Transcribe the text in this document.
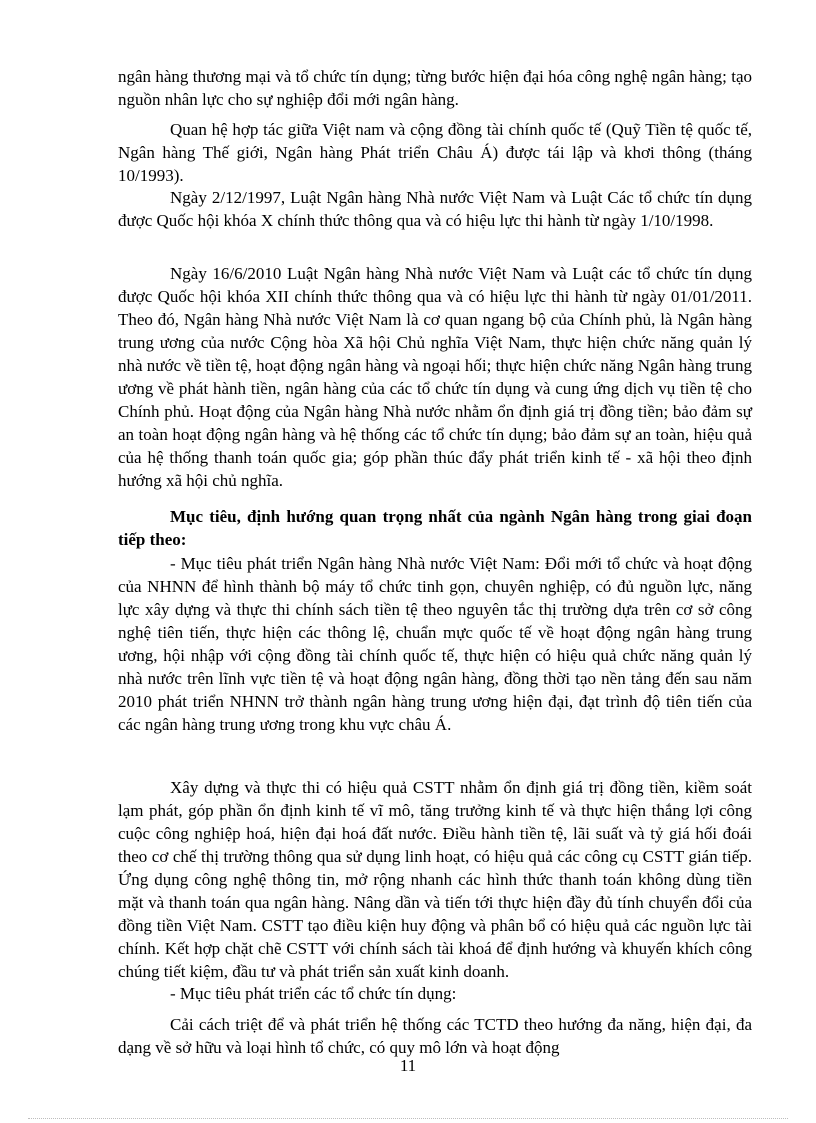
ngân hàng thương mại và tổ chức tín dụng; từng bước hiện đại hóa công nghệ ngân hàng; tạo nguồn nhân lực cho sự nghiệp đổi mới ngân hàng.

Quan hệ hợp tác giữa Việt nam và cộng đồng tài chính quốc tế (Quỹ Tiền tệ quốc tế, Ngân hàng Thế giới, Ngân hàng Phát triển Châu Á) được tái lập và khơi thông (tháng 10/1993).

Ngày 2/12/1997, Luật Ngân hàng Nhà nước Việt Nam và Luật Các tổ chức tín dụng được Quốc hội khóa X chính thức thông qua và có hiệu lực thi hành từ ngày 1/10/1998.

Ngày 16/6/2010 Luật Ngân hàng Nhà nước Việt Nam và Luật các tổ chức tín dụng được Quốc hội khóa XII chính thức thông qua và có hiệu lực thi hành từ ngày 01/01/2011. Theo đó, Ngân hàng Nhà nước Việt Nam là cơ quan ngang bộ của Chính phủ, là Ngân hàng trung ương của nước Cộng hòa Xã hội Chủ nghĩa Việt Nam, thực hiện chức năng quản lý nhà nước về tiền tệ, hoạt động ngân hàng và ngoại hối; thực hiện chức năng Ngân hàng trung ương về phát hành tiền, ngân hàng của các tổ chức tín dụng và cung ứng dịch vụ tiền tệ cho Chính phủ. Hoạt động của Ngân hàng Nhà nước nhằm ổn định giá trị đồng tiền; bảo đảm sự an toàn hoạt động ngân hàng và hệ thống các tổ chức tín dụng; bảo đảm sự an toàn, hiệu quả của hệ thống thanh toán quốc gia; góp phần thúc đẩy phát triển kinh tế - xã hội theo định hướng xã hội chủ nghĩa.

Mục tiêu, định hướng quan trọng nhất của ngành Ngân hàng trong giai đoạn tiếp theo:

- Mục tiêu phát triển Ngân hàng Nhà nước Việt Nam: Đổi mới tổ chức và hoạt động của NHNN để hình thành bộ máy tổ chức tinh gọn, chuyên nghiệp, có đủ nguồn lực, năng lực xây dựng và thực thi chính sách tiền tệ theo nguyên tắc thị trường dựa trên cơ sở công nghệ tiên tiến, thực hiện các thông lệ, chuẩn mực quốc tế về hoạt động ngân hàng trung ương, hội nhập với cộng đồng tài chính quốc tế, thực hiện có hiệu quả chức năng quản lý nhà nước trên lĩnh vực tiền tệ và hoạt động ngân hàng, đồng thời tạo nền tảng đến sau năm 2010 phát triển NHNN trở thành ngân hàng trung ương hiện đại, đạt trình độ tiên tiến của các ngân hàng trung ương trong khu vực châu Á.

Xây dựng và thực thi có hiệu quả CSTT nhằm ổn định giá trị đồng tiền, kiềm soát lạm phát, góp phần ổn định kinh tế vĩ mô, tăng trưởng kinh tế và thực hiện thắng lợi công cuộc công nghiệp hoá, hiện đại hoá đất nước. Điều hành tiền tệ, lãi suất và tỷ giá hối đoái theo cơ chế thị trường thông qua sử dụng linh hoạt, có hiệu quả các công cụ CSTT gián tiếp. Ứng dụng công nghệ thông tin, mở rộng nhanh các hình thức thanh toán không dùng tiền mặt và thanh toán qua ngân hàng. Nâng dần và tiến tới thực hiện đầy đủ tính chuyển đổi của đồng tiền Việt Nam. CSTT tạo điều kiện huy động và phân bổ có hiệu quả các nguồn lực tài chính. Kết hợp chặt chẽ CSTT với chính sách tài khoá để định hướng và khuyến khích công chúng tiết kiệm, đầu tư và phát triển sản xuất kinh doanh.

- Mục tiêu phát triển các tổ chức tín dụng:

Cải cách triệt để và phát triển hệ thống các TCTD theo hướng đa năng, hiện đại, đa dạng về sở hữu và loại hình tổ chức, có quy mô lớn và hoạt động

11
